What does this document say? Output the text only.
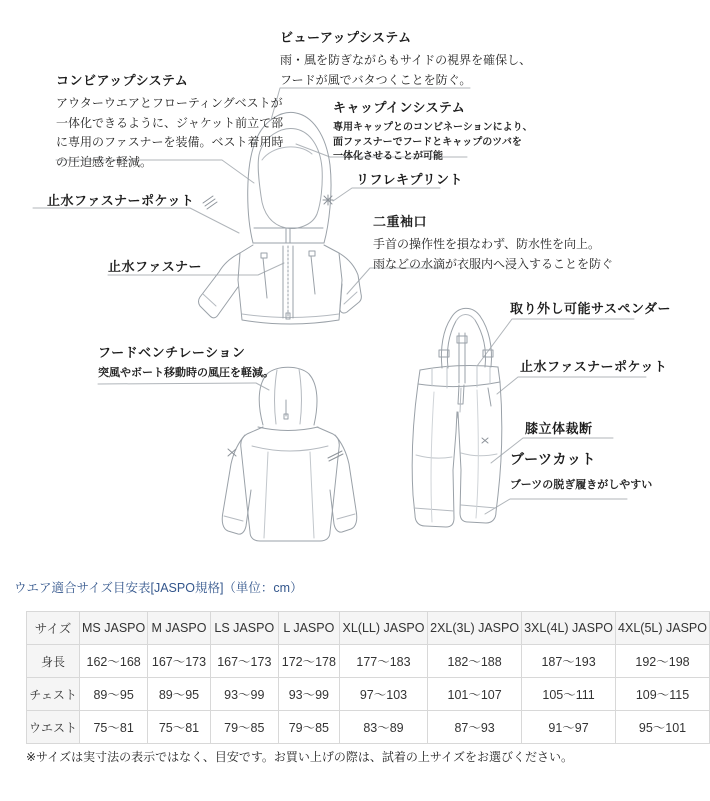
ビューアップシステム
雨・風を防ぎながらもサイドの視界を確保し、
フードが風でバタつくことを防ぐ。
コンビアップシステム
アウターウエアとフローティングベストが
一体化できるように、ジャケット前立て部
に専用のファスナーを装備。ベスト着用時
の圧迫感を軽減。
キャップインシステム
専用キャップとのコンビネーションにより、
面ファスナーでフードとキャップのツバを
一体化させることが可能
リフレキプリント
二重袖口
手首の操作性を損なわず、防水性を向上。
雨などの水滴が衣服内へ浸入することを防ぐ
止水ファスナーポケット
止水ファスナー
フードベンチレーション
突風やボート移動時の風圧を軽減。
取り外し可能サスペンダー
止水ファスナーポケット
膝立体裁断
ブーツカット
ブーツの脱ぎ履きがしやすい
ウエア適合サイズ目安表[JASPO規格]（単位：cm）
サイズ	MS JASPO	M JASPO	LS JASPO	L JASPO	XL(LL) JASPO	2XL(3L) JASPO	3XL(4L) JASPO	4XL(5L) JASPO
身長	162～168	167～173	167～173	172～178	177～183	182～188	187～193	192～198
チェスト	89～95	89～95	93～99	93～99	97～103	101～107	105～111	109～115
ウエスト	75～81	75～81	79～85	79～85	83～89	87～93	91～97	95～101
※サイズは実寸法の表示ではなく、目安です。お買い上げの際は、試着の上サイズをお選びください。
